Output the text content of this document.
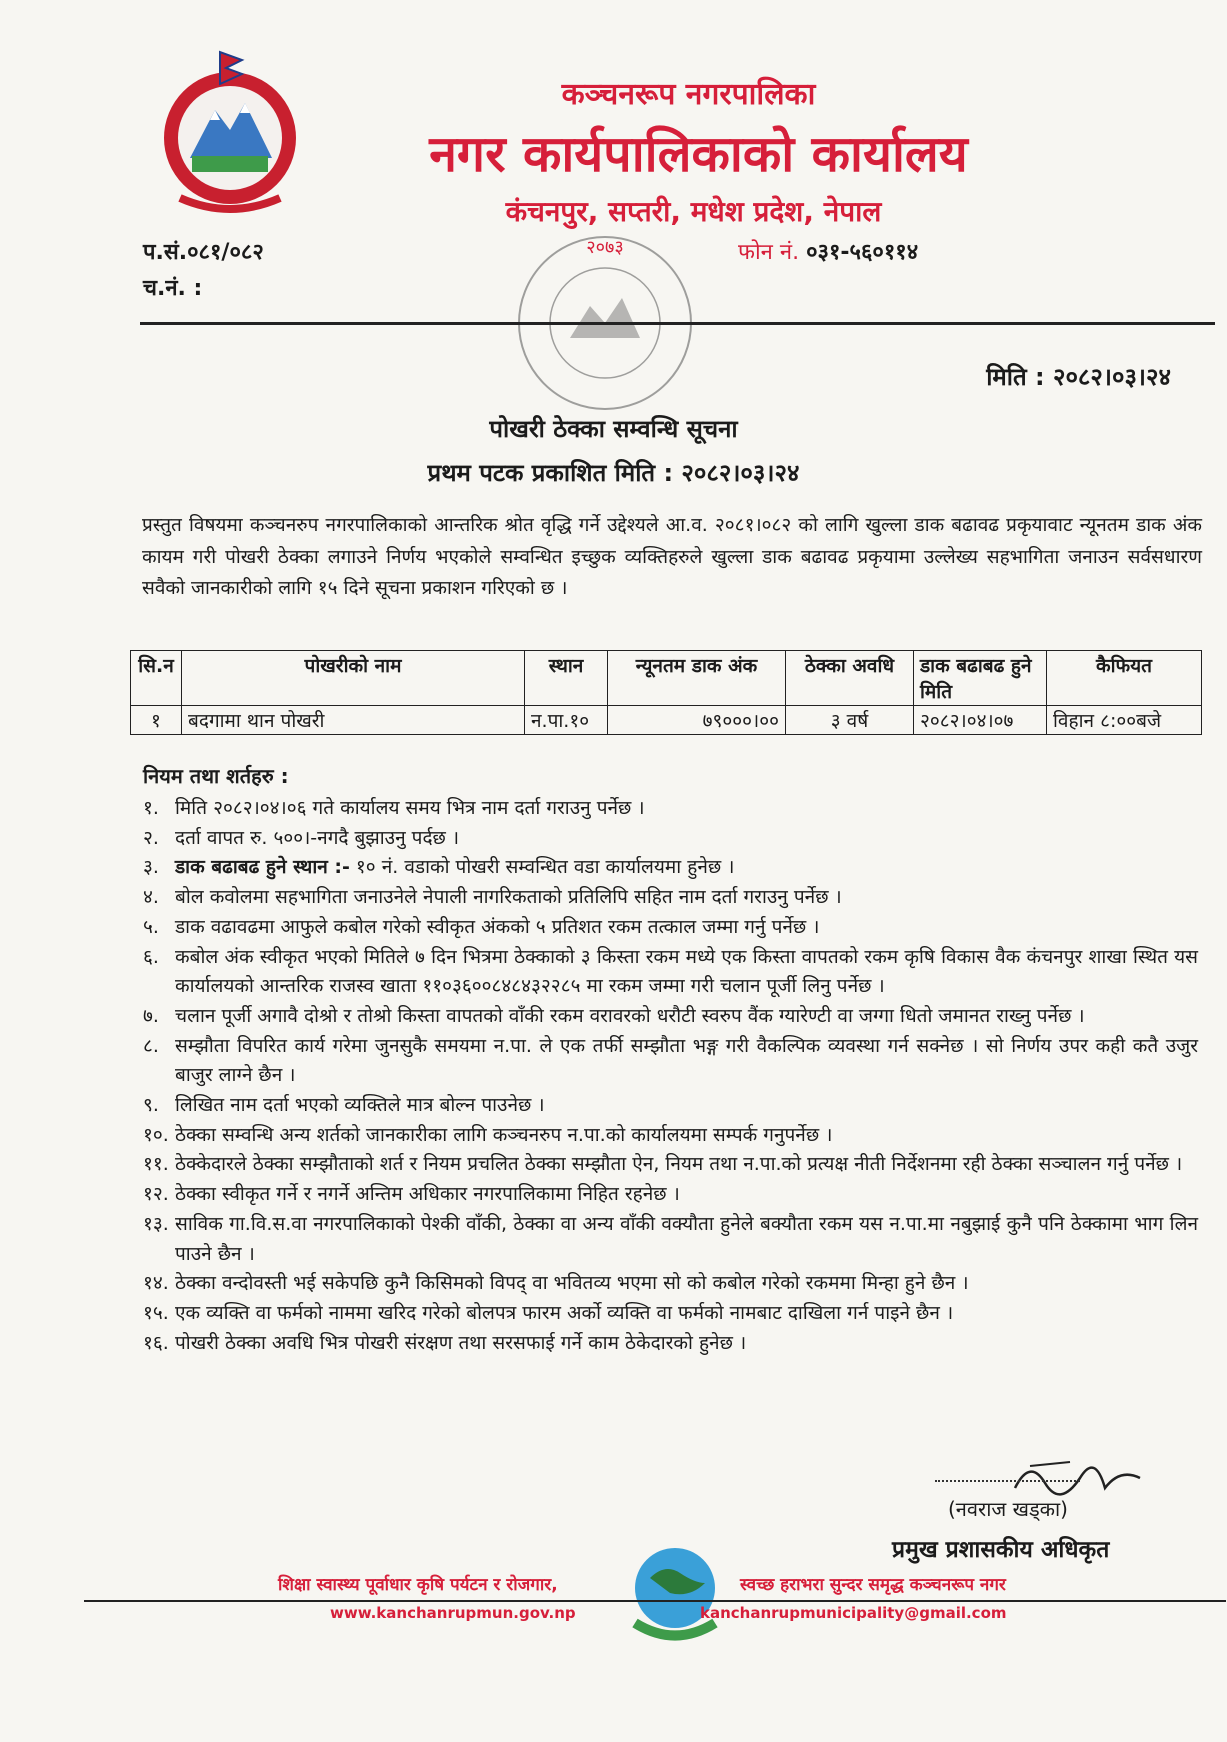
कञ्चनरूप नगरपालिका
नगर कार्यपालिकाको कार्यालय
कंचनपुर, सप्तरी, मधेश प्रदेश, नेपाल
प.सं.०८१/०८२
च.नं. :
फोन नं. ०३१-५६०११४
२०७३
मिति : २०८२।०३।२४
पोखरी ठेक्का सम्वन्धि सूचना
प्रथम पटक प्रकाशित मिति : २०८२।०३।२४
प्रस्तुत विषयमा कञ्चनरुप नगरपालिकाको आन्तरिक श्रोत वृद्धि गर्ने उद्देश्यले आ.व. २०८१।०८२ को लागि खुल्ला डाक बढावढ प्रकृयावाट न्यूनतम डाक अंक कायम गरी पोखरी ठेक्का लगाउने निर्णय भएकोले सम्वन्धित इच्छुक व्यक्तिहरुले खुल्ला डाक बढावढ प्रकृयामा उल्लेख्य सहभागिता जनाउन सर्वसधारण सवैको जानकारीको लागि १५ दिने सूचना प्रकाशन गरिएको छ ।
सि.न	पोखरीको नाम	स्थान	न्यूनतम डाक अंक	ठेक्का अवधि	डाक बढाबढ हुने मिति	कैफियत
१	बदगामा थान पोखरी	न.पा.१०	७९०००।००	३ वर्ष	२०८२।०४।०७	विहान ८:००बजे
नियम तथा शर्तहरु :
१. मिति २०८२।०४।०६ गते कार्यालय समय भित्र नाम दर्ता गराउनु पर्नेछ ।
२. दर्ता वापत रु. ५००।-नगदै बुझाउनु पर्दछ ।
३. डाक बढाबढ हुने स्थान :- १० नं. वडाको पोखरी सम्वन्धित वडा कार्यालयमा हुनेछ ।
४. बोल कवोलमा सहभागिता जनाउनेले नेपाली नागरिकताको प्रतिलिपि सहित नाम दर्ता गराउनु पर्नेछ ।
५. डाक वढावढमा आफुले कबोल गरेको स्वीकृत अंकको ५ प्रतिशत रकम तत्काल जम्मा गर्नु पर्नेछ ।
६. कबोल अंक स्वीकृत भएको मितिले ७ दिन भित्रमा ठेक्काको ३ किस्ता रकम मध्ये एक किस्ता वापतको रकम कृषि विकास वैक कंचनपुर शाखा स्थित यस कार्यालयको आन्तरिक राजस्व खाता ११०३६००८४८४३२२८५ मा रकम जम्मा गरी चलान पूर्जी लिनु पर्नेछ ।
७. चलान पूर्जी अगावै दोश्रो र तोश्रो किस्ता वापतको वाँकी रकम वरावरको धरौटी स्वरुप वैंक ग्यारेण्टी वा जग्गा धितो जमानत राख्नु पर्नेछ ।
८. सम्झौता विपरित कार्य गरेमा जुनसुकै समयमा न.पा. ले एक तर्फी सम्झौता भङ्ग गरी वैकल्पिक व्यवस्था गर्न सक्नेछ । सो निर्णय उपर कही कतै उजुर बाजुर लाग्ने छैन ।
९. लिखित नाम दर्ता भएको व्यक्तिले मात्र बोल्न पाउनेछ ।
१०. ठेक्का सम्वन्धि अन्य शर्तको जानकारीका लागि कञ्चनरुप न.पा.को कार्यालयमा सम्पर्क गनुपर्नेछ ।
११. ठेक्केदारले ठेक्का सम्झौताको शर्त र नियम प्रचलित ठेक्का सम्झौता ऐन, नियम तथा न.पा.को प्रत्यक्ष नीती निर्देशनमा रही ठेक्का सञ्चालन गर्नु पर्नेछ ।
१२. ठेक्का स्वीकृत गर्ने र नगर्ने अन्तिम अधिकार नगरपालिकामा निहित रहनेछ ।
१३. साविक गा.वि.स.वा नगरपालिकाको पेश्की वाँकी, ठेक्का वा अन्य वाँकी वक्यौता हुनेले बक्यौता रकम यस न.पा.मा नबुझाई कुनै पनि ठेक्कामा भाग लिन पाउने छैन ।
१४. ठेक्का वन्दोवस्ती भई सकेपछि कुनै किसिमको विपद् वा भवितव्य भएमा सो को कबोल गरेको रकममा मिन्हा हुने छैन ।
१५. एक व्यक्ति वा फर्मको नाममा खरिद गरेको बोलपत्र फारम अर्को व्यक्ति वा फर्मको नामबाट दाखिला गर्न पाइने छैन ।
१६. पोखरी ठेक्का अवधि भित्र पोखरी संरक्षण तथा सरसफाई गर्ने काम ठेकेदारको हुनेछ ।
(नवराज खड्का)
प्रमुख प्रशासकीय अधिकृत
शिक्षा स्वास्थ्य पूर्वाधार कृषि पर्यटन र रोजगार,	स्वच्छ हराभरा सुन्दर समृद्ध कञ्चनरूप नगर
www.kanchanrupmun.gov.np	kanchanrupmunicipality@gmail.com
